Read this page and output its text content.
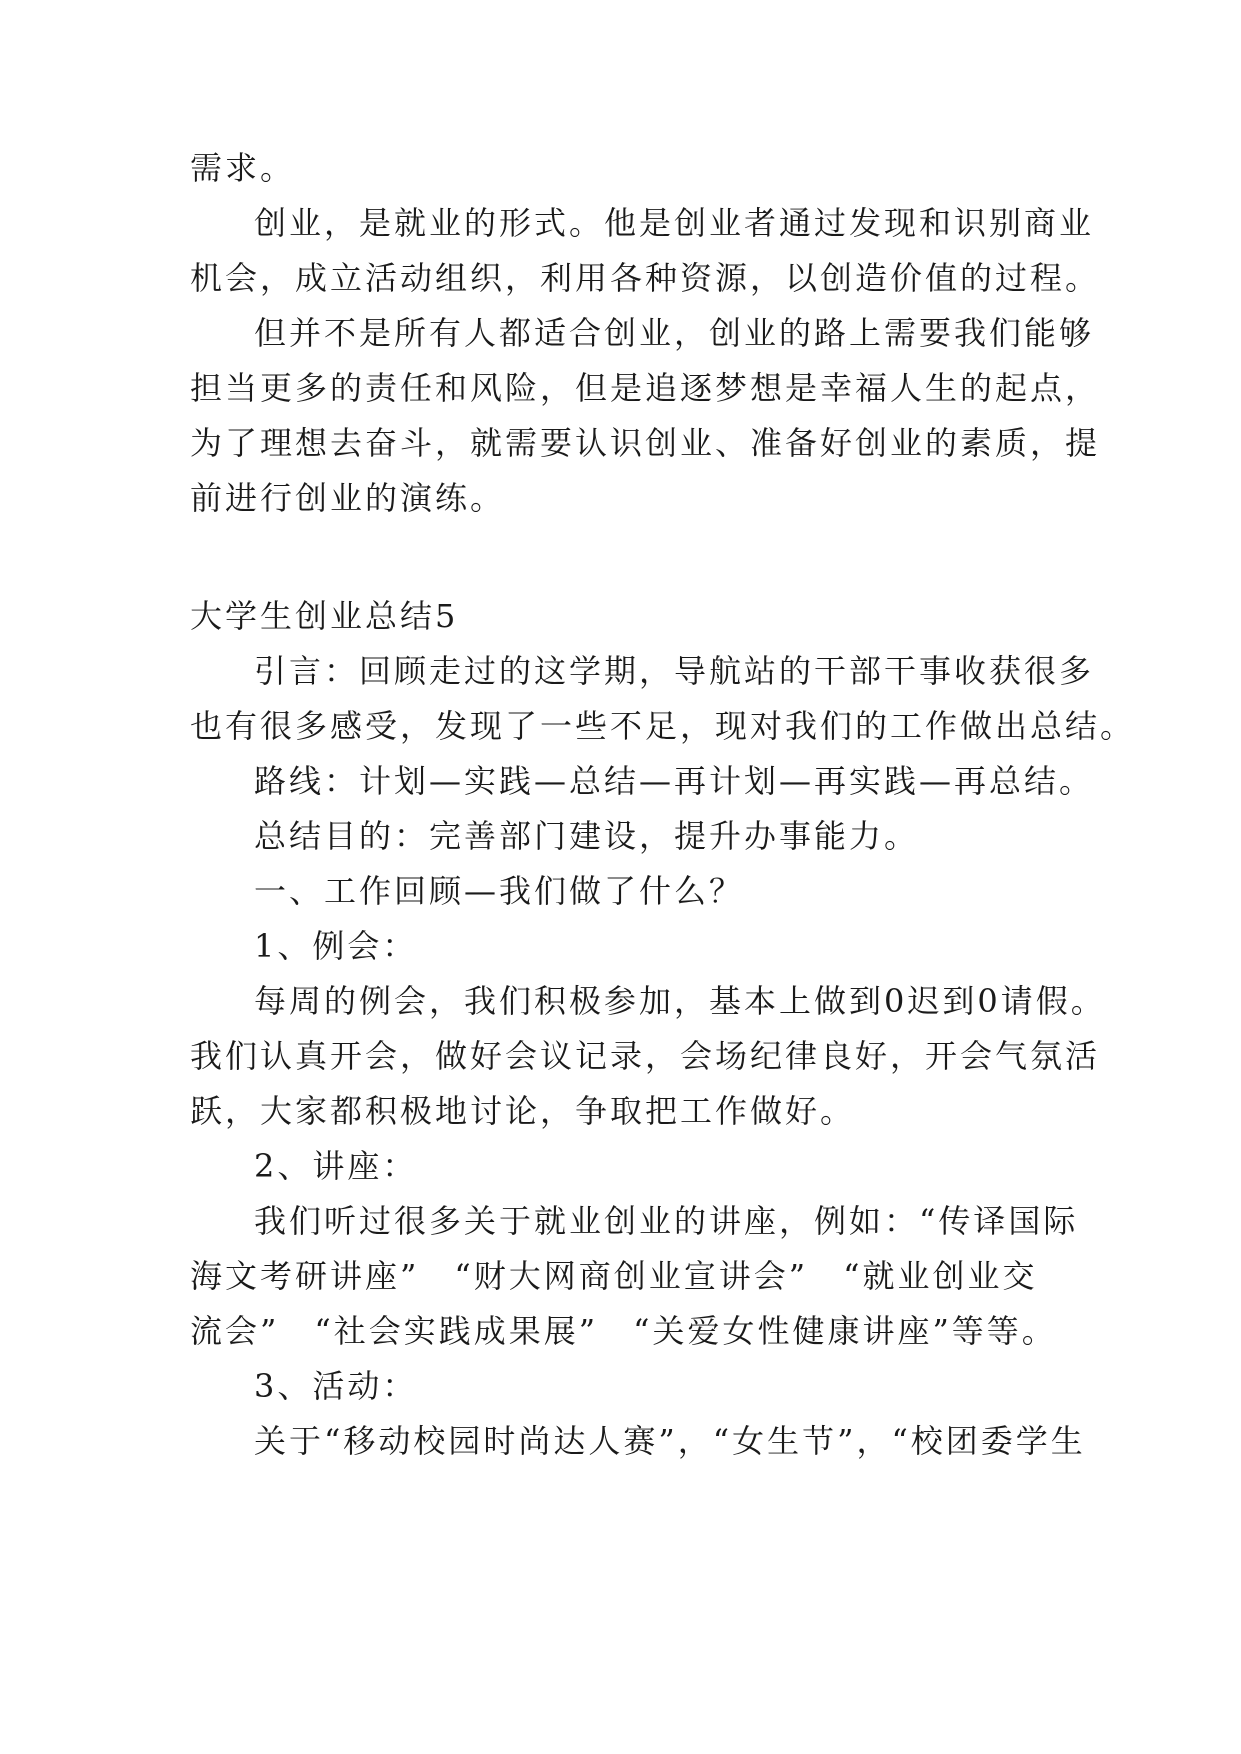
需求。
创业，是就业的形式。他是创业者通过发现和识别商业
机会，成立活动组织，利用各种资源，以创造价值的过程。
但并不是所有人都适合创业，创业的路上需要我们能够
担当更多的责任和风险，但是追逐梦想是幸福人生的起点，
为了理想去奋斗，就需要认识创业、准备好创业的素质，提
前进行创业的演练。
大学生创业总结5
引言：回顾走过的这学期，导航站的干部干事收获很多
也有很多感受，发现了一些不足，现对我们的工作做出总结。
路线：计划—实践—总结—再计划—再实践—再总结。
总结目的：完善部门建设，提升办事能力。
一、工作回顾—我们做了什么？
1、例会：
每周的例会，我们积极参加，基本上做到0迟到0请假。
我们认真开会，做好会议记录，会场纪律良好，开会气氛活
跃，大家都积极地讨论，争取把工作做好。
2、讲座：
我们听过很多关于就业创业的讲座，例如：“传译国际
海文考研讲座”　“财大网商创业宣讲会”　“就业创业交
流会”　“社会实践成果展”　“关爱女性健康讲座”等等。
3、活动：
关于“移动校园时尚达人赛”，“女生节”，“校团委学生
